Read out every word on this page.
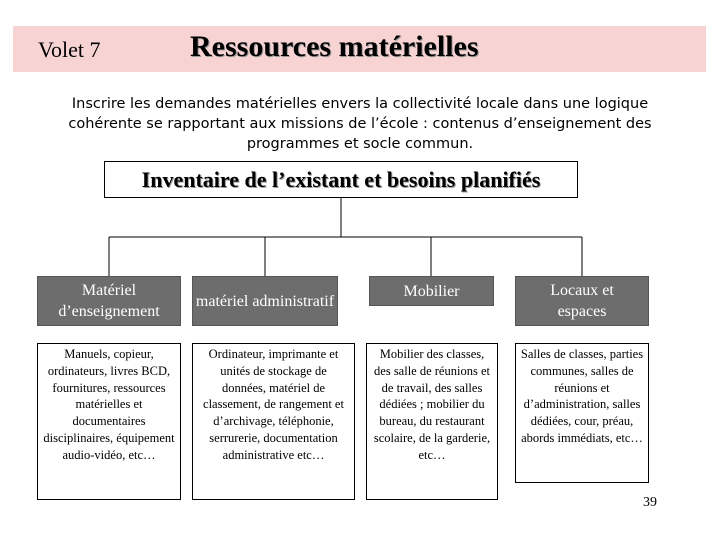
Volet 7	Ressources matérielles
Inscrire les demandes matérielles envers la collectivité locale dans une logique cohérente se rapportant aux missions de l’école : contenus d’enseignement des programmes et socle commun.
Inventaire de l’existant et besoins planifiés
Matériel d’enseignement
matériel administratif
Mobilier	Locaux et espaces
Manuels, copieur, ordinateurs, livres BCD, fournitures, ressources matérielles et documentaires disciplinaires, équipement audio-vidéo, etc…
Ordinateur, imprimante et unités de stockage de données, matériel de classement, de rangement et d’archivage, téléphonie, serrurerie, documentation administrative etc…
Mobilier des classes, des salle de réunions et de travail, des salles dédiées ; mobilier du bureau, du restaurant scolaire, de la garderie, etc…
Salles de classes, parties communes, salles de réunions et d’administration, salles dédiées, cour, préau, abords immédiats, etc…
39
